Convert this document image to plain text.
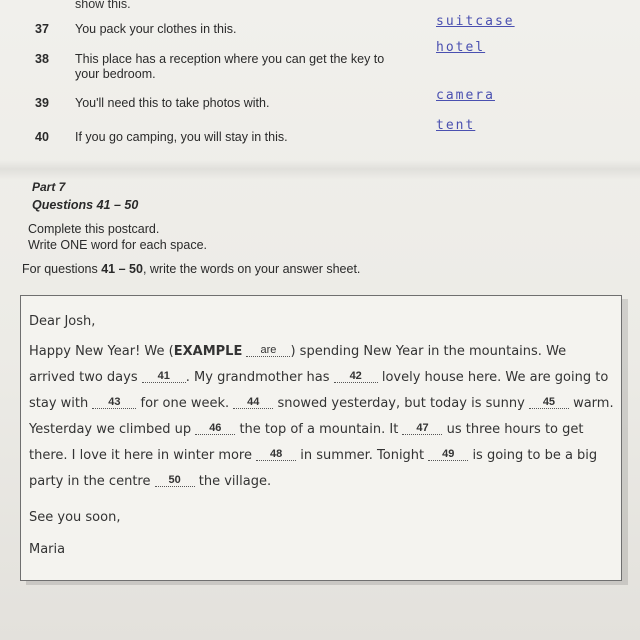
show this.
37 You pack your clothes in this.	suitcase
38 This place has a reception where you can get the key to your bedroom.
hotel
39 You'll need this to take photos with.	camera
40 If you go camping, you will stay in this.
tent
Part 7
Questions 41 – 50
Complete this postcard.
Write ONE word for each space.
For questions 41 – 50, write the words on your answer sheet.
Dear Josh,
Happy New Year! We (EXAMPLE are ) spending New Year in the mountains. We
arrived two days 41 . My grandmother has 42 lovely house here. We are going to
stay with 43 for one week. 44 snowed yesterday, but today is sunny 45 warm.
Yesterday we climbed up 46 the top of a mountain. It 47 us three hours to get
there. I love it here in winter more 48 in summer. Tonight 49 is going to be a big
party in the centre 50 the village.
See you soon,
Maria
